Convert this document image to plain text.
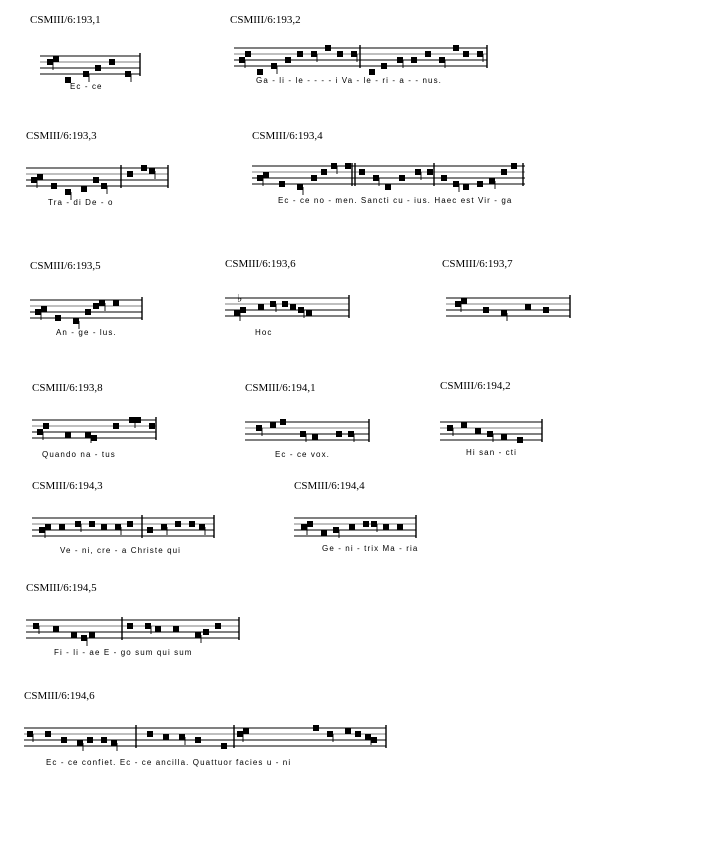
CSMIII/6:193,1
Ec - ce
CSMIII/6:193,2
Ga - li - le - - - - i Va - le - ri - a - - nus.
CSMIII/6:193,3
Tra - di De - o
CSMIII/6:193,4
Ec - ce no - men. Sancti cu - ius. Haec est Vir - ga
CSMIII/6:193,5
An - ge - lus.
CSMIII/6:193,6
♭
Hoc
CSMIII/6:193,7
CSMIII/6:193,8
Quando na - tus
CSMIII/6:194,1
Ec - ce vox.
CSMIII/6:194,2
Hi san - cti
CSMIII/6:194,3
Ve - ni, cre - a Christe qui
CSMIII/6:194,4
Ge - ni - trix Ma - ria
CSMIII/6:194,5
Fi - li - ae E - go sum qui sum
CSMIII/6:194,6
Ec - ce confiet. Ec - ce ancilla. Quattuor facies u - ni
